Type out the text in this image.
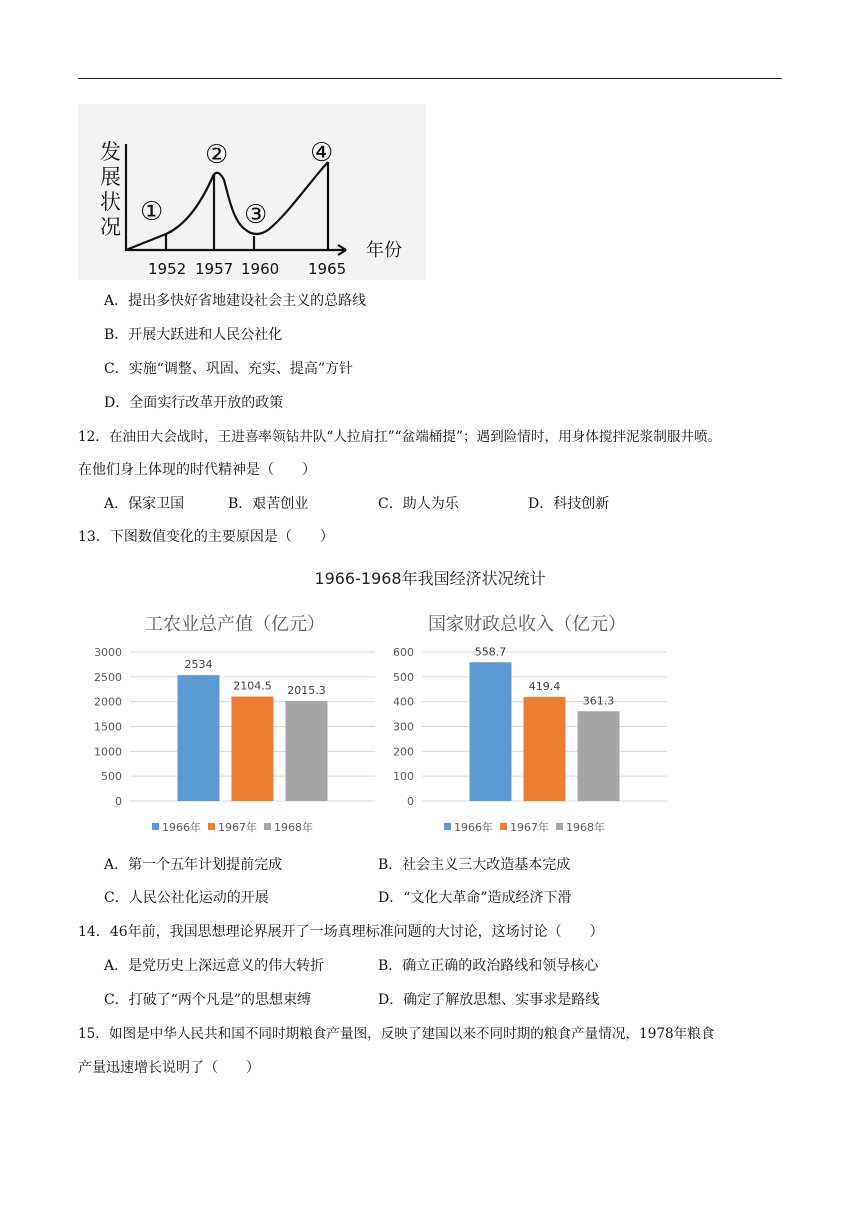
发
展
状
况
年份
①
②
③
④
1952 1957 1960 1965
A．提出多快好省地建设社会主义的总路线
B．开展大跃进和人民公社化
C．实施“调整、巩固、充实、提高”方针
D．全面实行改革开放的政策
12．在油田大会战时，王进喜率领钻井队“人拉肩扛”“盆端桶提”；遇到险情时，用身体搅拌泥浆制服井喷。
在他们身上体现的时代精神是（　　）
A．保家卫国	B．艰苦创业	C．助人为乐	D．科技创新
13．下图数值变化的主要原因是（　　）
1966-1968年我国经济状况统计
工农业总产值（亿元）
3000
2500
2000
1500
1000
500
0
2534
2104.5 2015.3
1966年 1967年 1968年
国家财政总收入（亿元）
600
500
400
300
200
100
0
558.7
419.4
361.3
1966年 1967年 1968年
A．第一个五年计划提前完成	B．社会主义三大改造基本完成
C．人民公社化运动的开展	D．“文化大革命”造成经济下滑
14．46年前，我国思想理论界展开了一场真理标准问题的大讨论，这场讨论（　　）
A．是党历史上深远意义的伟大转折	B．确立正确的政治路线和领导核心
C．打破了“两个凡是”的思想束缚	D．确定了解放思想、实事求是路线
15．如图是中华人民共和国不同时期粮食产量图，反映了建国以来不同时期的粮食产量情况，1978年粮食
产量迅速增长说明了（　　）
